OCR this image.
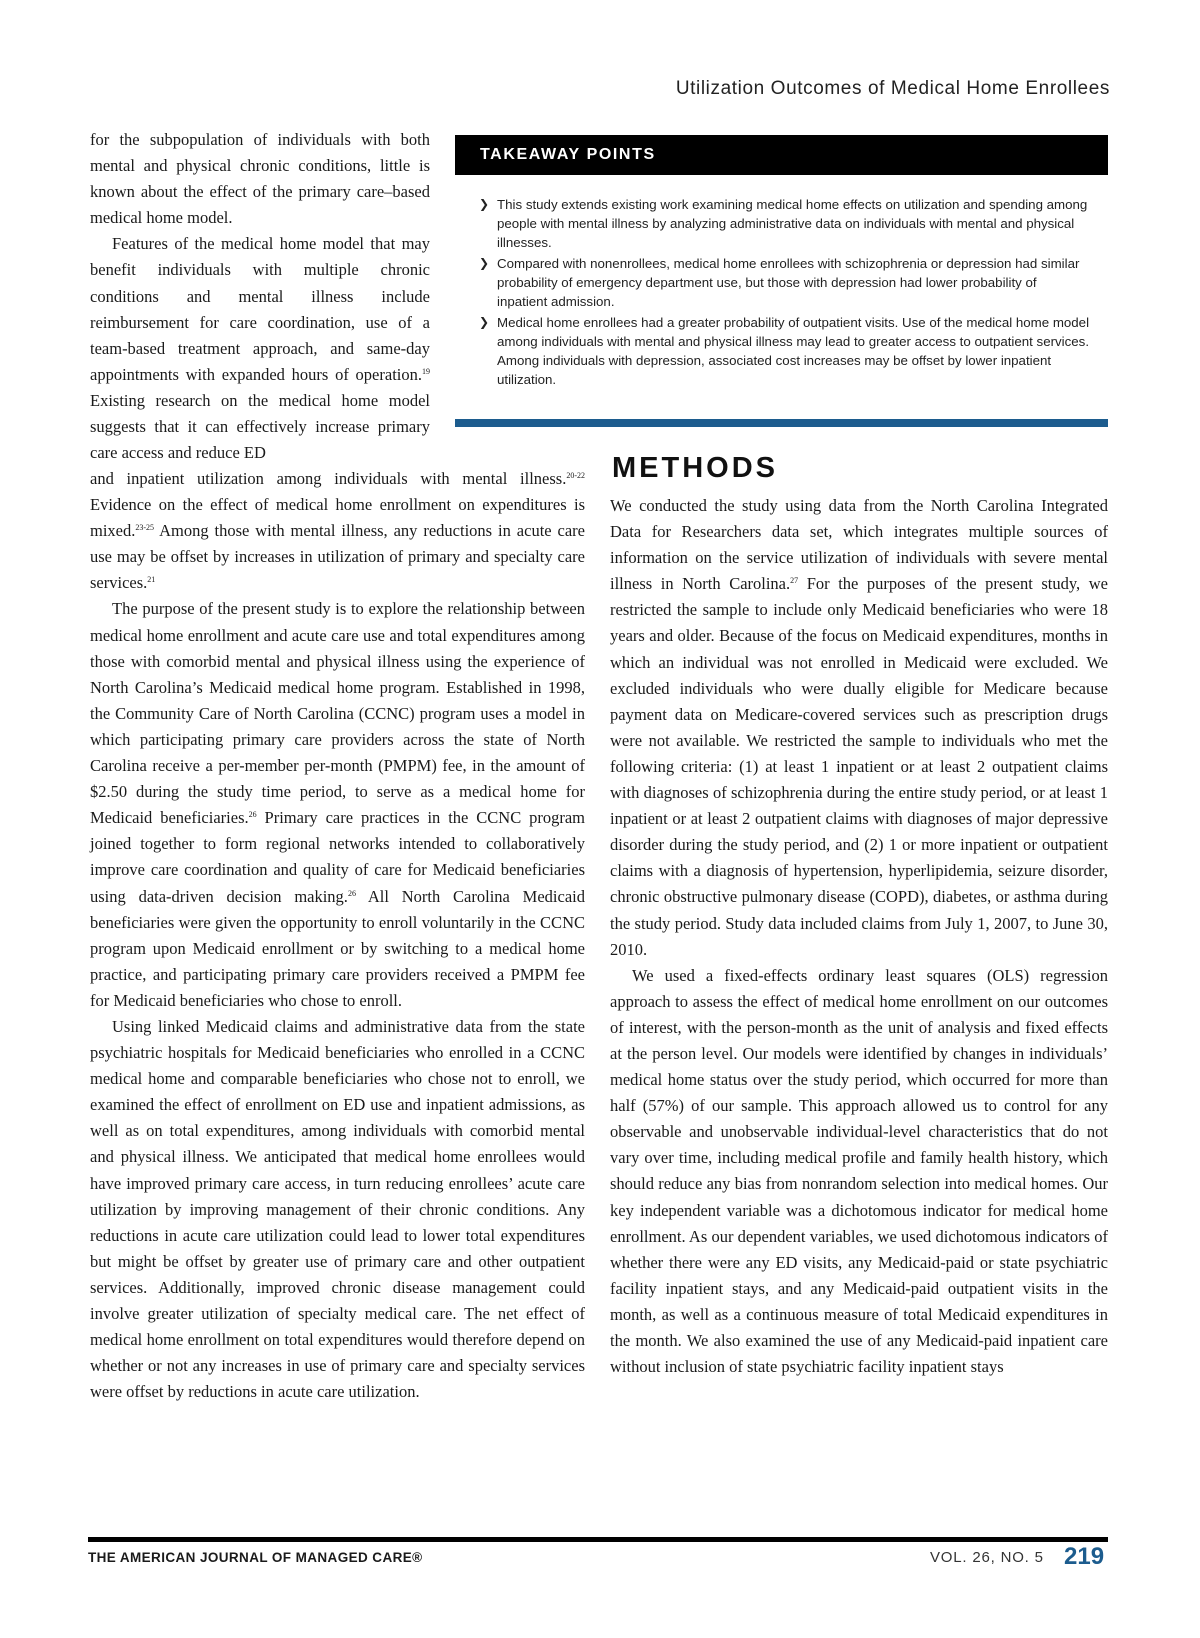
Utilization Outcomes of Medical Home Enrollees

for the subpopulation of individuals with both mental and physical chronic conditions, little is known about the effect of the primary care–based medical home model.

Features of the medical home model that may benefit individuals with multiple chronic conditions and mental illness include reimbursement for care coordination, use of a team-based treatment approach, and same-day appointments with expanded hours of operation.$^{19}$ Existing research on the medical home model suggests that it can effectively increase primary care access and reduce ED

TAKEAWAY POINTS
❯ This study extends existing work examining medical home effects on utilization and spending among people with mental illness by analyzing administrative data on individuals with mental and physical illnesses.
❯ Compared with nonenrollees, medical home enrollees with schizophrenia or depression had similar probability of emergency department use, but those with depression had lower probability of inpatient admission.
❯ Medical home enrollees had a greater probability of outpatient visits. Use of the medical home model among individuals with mental and physical illness may lead to greater access to outpatient services. Among individuals with depression, associated cost increases may be offset by lower inpatient utilization.
METHODS

and inpatient utilization among individuals with mental illness.$^{20-22}$ Evidence on the effect of medical home enrollment on expenditures is mixed.$^{23-25}$ Among those with mental illness, any reductions in acute care use may be offset by increases in utilization of primary and specialty care services.$^{21}$

The purpose of the present study is to explore the relationship between medical home enrollment and acute care use and total expenditures among those with comorbid mental and physical illness using the experience of North Carolina’s Medicaid medical home program. Established in 1998, the Community Care of North Carolina (CCNC) program uses a model in which participating primary care providers across the state of North Carolina receive a per-member per-month (PMPM) fee, in the amount of $2.50 during the study time period, to serve as a medical home for Medicaid beneficiaries.$^{26}$ Primary care practices in the CCNC program joined together to form regional networks intended to collaboratively improve care coordination and quality of care for Medicaid beneficiaries using data-driven decision making.$^{26}$ All North Carolina Medicaid beneficiaries were given the opportunity to enroll voluntarily in the CCNC program upon Medicaid enrollment or by switching to a medical home practice, and participating primary care providers received a PMPM fee for Medicaid beneficiaries who chose to enroll.

Using linked Medicaid claims and administrative data from the state psychiatric hospitals for Medicaid beneficiaries who enrolled in a CCNC medical home and comparable beneficiaries who chose not to enroll, we examined the effect of enrollment on ED use and inpatient admissions, as well as on total expenditures, among individuals with comorbid mental and physical illness. We anticipated that medical home enrollees would have improved primary care access, in turn reducing enrollees’ acute care utilization by improving management of their chronic conditions. Any reductions in acute care utilization could lead to lower total expenditures but might be offset by greater use of primary care and other outpatient services. Additionally, improved chronic disease management could involve greater utilization of specialty medical care. The net effect of medical home enrollment on total expenditures would therefore depend on whether or not any increases in use of primary care and specialty services were offset by reductions in acute care utilization.

We conducted the study using data from the North Carolina Integrated Data for Researchers data set, which integrates multiple sources of information on the service utilization of individuals with severe mental illness in North Carolina.$^{27}$ For the purposes of the present study, we restricted the sample to include only Medicaid beneficiaries who were 18 years and older. Because of the focus on Medicaid expenditures, months in which an individual was not enrolled in Medicaid were excluded. We excluded individuals who were dually eligible for Medicare because payment data on Medicare-covered services such as prescription drugs were not available. We restricted the sample to individuals who met the following criteria: (1) at least 1 inpatient or at least 2 outpatient claims with diagnoses of schizophrenia during the entire study period, or at least 1 inpatient or at least 2 outpatient claims with diagnoses of major depressive disorder during the study period, and (2) 1 or more inpatient or outpatient claims with a diagnosis of hypertension, hyperlipidemia, seizure disorder, chronic obstructive pulmonary disease (COPD), diabetes, or asthma during the study period. Study data included claims from July 1, 2007, to June 30, 2010.

We used a fixed-effects ordinary least squares (OLS) regression approach to assess the effect of medical home enrollment on our outcomes of interest, with the person-month as the unit of analysis and fixed effects at the person level. Our models were identified by changes in individuals’ medical home status over the study period, which occurred for more than half (57%) of our sample. This approach allowed us to control for any observable and unobservable individual-level characteristics that do not vary over time, including medical profile and family health history, which should reduce any bias from nonrandom selection into medical homes. Our key independent variable was a dichotomous indicator for medical home enrollment. As our dependent variables, we used dichotomous indicators of whether there were any ED visits, any Medicaid-paid or state psychiatric facility inpatient stays, and any Medicaid-paid outpatient visits in the month, as well as a continuous measure of total Medicaid expenditures in the month. We also examined the use of any Medicaid-paid inpatient care without inclusion of state psychiatric facility inpatient stays

THE AMERICAN JOURNAL OF MANAGED CARE®	VOL. 26, NO. 5 219
